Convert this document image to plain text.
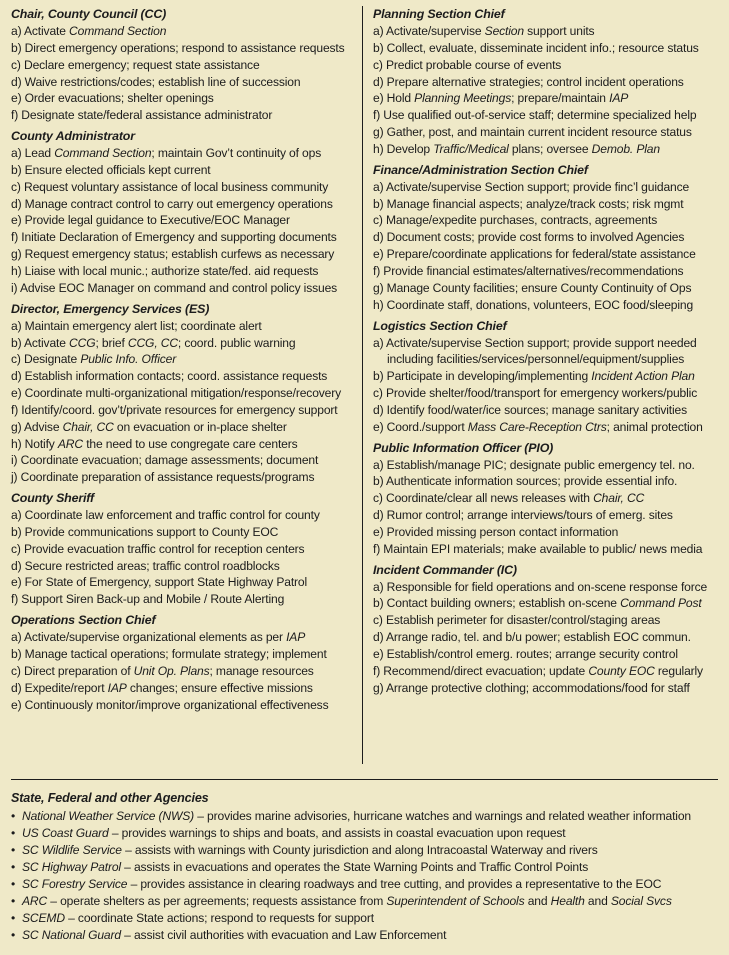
Chair, County Council (CC)
a) Activate Command Section
b) Direct emergency operations; respond to assistance requests
c) Declare emergency; request state assistance
d) Waive restrictions/codes; establish line of succession
e) Order evacuations; shelter openings
f) Designate state/federal assistance administrator
County Administrator
a) Lead Command Section; maintain Gov’t continuity of ops
b) Ensure elected officials kept current
c) Request voluntary assistance of local business community
d) Manage contract control to carry out emergency operations
e) Provide legal guidance to Executive/EOC Manager
f) Initiate Declaration of Emergency and supporting documents
g) Request emergency status; establish curfews as necessary
h) Liaise with local munic.; authorize state/fed. aid requests
i) Advise EOC Manager on command and control policy issues
Director, Emergency Services (ES)
a) Maintain emergency alert list; coordinate alert
b) Activate CCG; brief CCG, CC; coord. public warning
c) Designate Public Info. Officer
d) Establish information contacts; coord. assistance requests
e) Coordinate multi-organizational mitigation/response/recovery
f) Identify/coord. gov’t/private resources for emergency support
g) Advise Chair, CC on evacuation or in-place shelter
h) Notify ARC the need to use congregate care centers
i) Coordinate evacuation; damage assessments; document
j) Coordinate preparation of assistance requests/programs
County Sheriff
a) Coordinate law enforcement and traffic control for county
b) Provide communications support to County EOC
c) Provide evacuation traffic control for reception centers
d) Secure restricted areas; traffic control roadblocks
e) For State of Emergency, support State Highway Patrol
f) Support Siren Back-up and Mobile / Route Alerting
Operations Section Chief
a) Activate/supervise organizational elements as per IAP
b) Manage tactical operations; formulate strategy; implement
c) Direct preparation of Unit Op. Plans; manage resources
d) Expedite/report IAP changes; ensure effective missions
e) Continuously monitor/improve organizational effectiveness
Planning Section Chief
a) Activate/supervise Section support units
b) Collect, evaluate, disseminate incident info.; resource status
c) Predict probable course of events
d) Prepare alternative strategies; control incident operations
e) Hold Planning Meetings; prepare/maintain IAP
f) Use qualified out-of-service staff; determine specialized help
g) Gather, post, and maintain current incident resource status
h) Develop Traffic/Medical plans; oversee Demob. Plan
Finance/Administration Section Chief
a) Activate/supervise Section support; provide finc’l guidance
b) Manage financial aspects; analyze/track costs; risk mgmt
c) Manage/expedite purchases, contracts, agreements
d) Document costs; provide cost forms to involved Agencies
e) Prepare/coordinate applications for federal/state assistance
f) Provide financial estimates/alternatives/recommendations
g) Manage County facilities; ensure County Continuity of Ops
h) Coordinate staff, donations, volunteers, EOC food/sleeping
Logistics Section Chief
a) Activate/supervise Section support; provide support needed
including facilities/services/personnel/equipment/supplies
b) Participate in developing/implementing Incident Action Plan
c) Provide shelter/food/transport for emergency workers/public
d) Identify food/water/ice sources; manage sanitary activities
e) Coord./support Mass Care-Reception Ctrs; animal protection
Public Information Officer (PIO)
a) Establish/manage PIC; designate public emergency tel. no.
b) Authenticate information sources; provide essential info.
c) Coordinate/clear all news releases with Chair, CC
d) Rumor control; arrange interviews/tours of emerg. sites
e) Provided missing person contact information
f) Maintain EPI materials; make available to public/ news media
Incident Commander (IC)
a) Responsible for field operations and on-scene response force
b) Contact building owners; establish on-scene Command Post
c) Establish perimeter for disaster/control/staging areas
d) Arrange radio, tel. and b/u power; establish EOC commun.
e) Establish/control emerg. routes; arrange security control
f) Recommend/direct evacuation; update County EOC regularly
g) Arrange protective clothing; accommodations/food for staff
State, Federal and other Agencies
• National Weather Service (NWS) – provides marine advisories, hurricane watches and warnings and related weather information
• US Coast Guard – provides warnings to ships and boats, and assists in coastal evacuation upon request
• SC Wildlife Service – assists with warnings with County jurisdiction and along Intracoastal Waterway and rivers
• SC Highway Patrol – assists in evacuations and operates the State Warning Points and Traffic Control Points
• SC Forestry Service – provides assistance in clearing roadways and tree cutting, and provides a representative to the EOC
• ARC – operate shelters as per agreements; requests assistance from Superintendent of Schools and Health and Social Svcs
• SCEMD – coordinate State actions; respond to requests for support
• SC National Guard – assist civil authorities with evacuation and Law Enforcement
